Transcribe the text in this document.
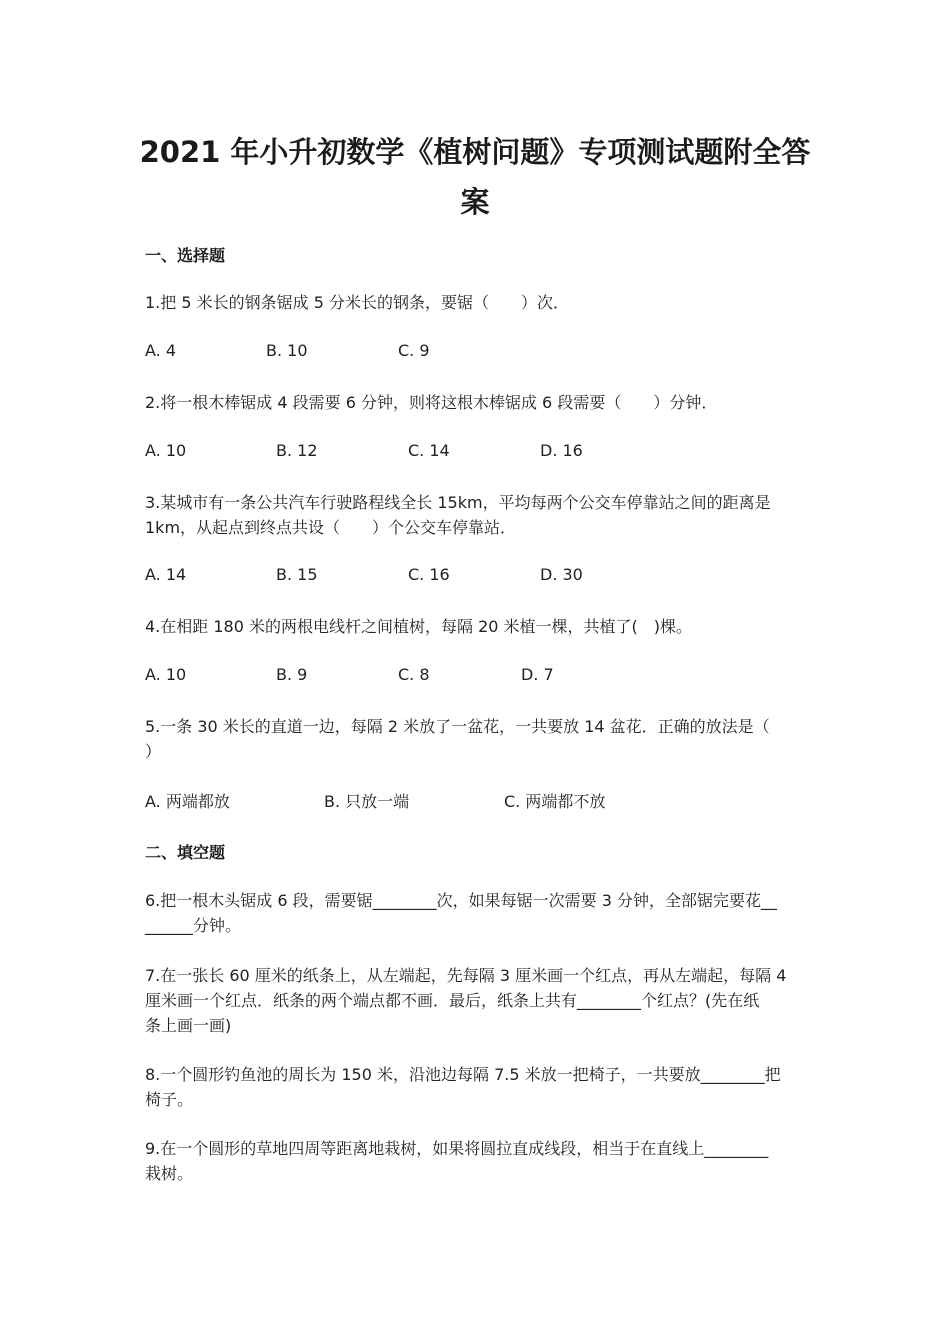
2021 年小升初数学《植树问题》专项测试题附全答
案
一、选择题
1.把 5 米长的钢条锯成 5 分米长的钢条，要锯（　　）次．
A. 4	B. 10	C. 9
2.将一根木棒锯成 4 段需要 6 分钟，则将这根木棒锯成 6 段需要（　　）分钟．
A. 10	B. 12	C. 14	D. 16
3.某城市有一条公共汽车行驶路程线全长 15km，平均每两个公交车停靠站之间的距离是
1km，从起点到终点共设（　　）个公交车停靠站．
A. 14	B. 15	C. 16	D. 30
4.在相距 180 米的两根电线杆之间植树，每隔 20 米植一棵，共植了(　)棵。
A. 10	B. 9	C. 8	D. 7
5.一条 30 米长的直道一边，每隔 2 米放了一盆花，一共要放 14 盆花．正确的放法是（
）
A. 两端都放	B. 只放一端	C. 两端都不放
二、填空题
6.把一根木头锯成 6 段，需要锯________次，如果每锯一次需要 3 分钟，全部锯完要花__
______分钟。
7.在一张长 60 厘米的纸条上，从左端起，先每隔 3 厘米画一个红点，再从左端起，每隔 4
厘米画一个红点．纸条的两个端点都不画．最后，纸条上共有________个红点？(先在纸
条上画一画)
8.一个圆形钓鱼池的周长为 150 米，沿池边每隔 7.5 米放一把椅子，一共要放________把
椅子。
9.在一个圆形的草地四周等距离地栽树，如果将圆拉直成线段，相当于在直线上________
栽树。
